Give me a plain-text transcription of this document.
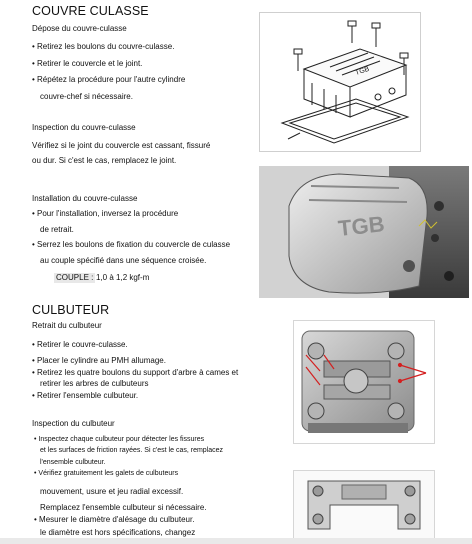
COUVRE CULASSE
Dépose du couvre-culasse
• Retirez les boulons du couvre-culasse.
• Retirer le couvercle et le joint.
• Répétez la procédure pour l'autre cylindre
couvre-chef si nécessaire.
Inspection du couvre-culasse
Vérifiez si le joint du couvercle est cassant, fissuré
ou dur. Si c'est le cas, remplacez le joint.
Installation du couvre-culasse
• Pour l'installation, inversez la procédure
de retrait.
• Serrez les boulons de fixation du couvercle de culasse
au couple spécifié dans une séquence croisée.
COUPLE : 1,0 à 1,2 kgf-m
CULBUTEUR
Retrait du culbuteur
• Retirer le couvre-culasse.
• Placer le cylindre au PMH allumage.
• Retirez les quatre boulons du support d'arbre à cames et
retirer les arbres de culbuteurs
• Retirer l'ensemble culbuteur.
Inspection du culbuteur
• Inspectez chaque culbuteur pour détecter les fissures
et les surfaces de friction rayées. Si c'est le cas, remplacez
l'ensemble culbuteur.
• Vérifiez gratuitement les galets de culbuteurs
mouvement, usure et jeu radial excessif.
Remplacez l'ensemble culbuteur si nécessaire.
• Mesurer le diamètre d'alésage du culbuteur.
le diamètre est hors spécifications, changez
TGB
TGB
